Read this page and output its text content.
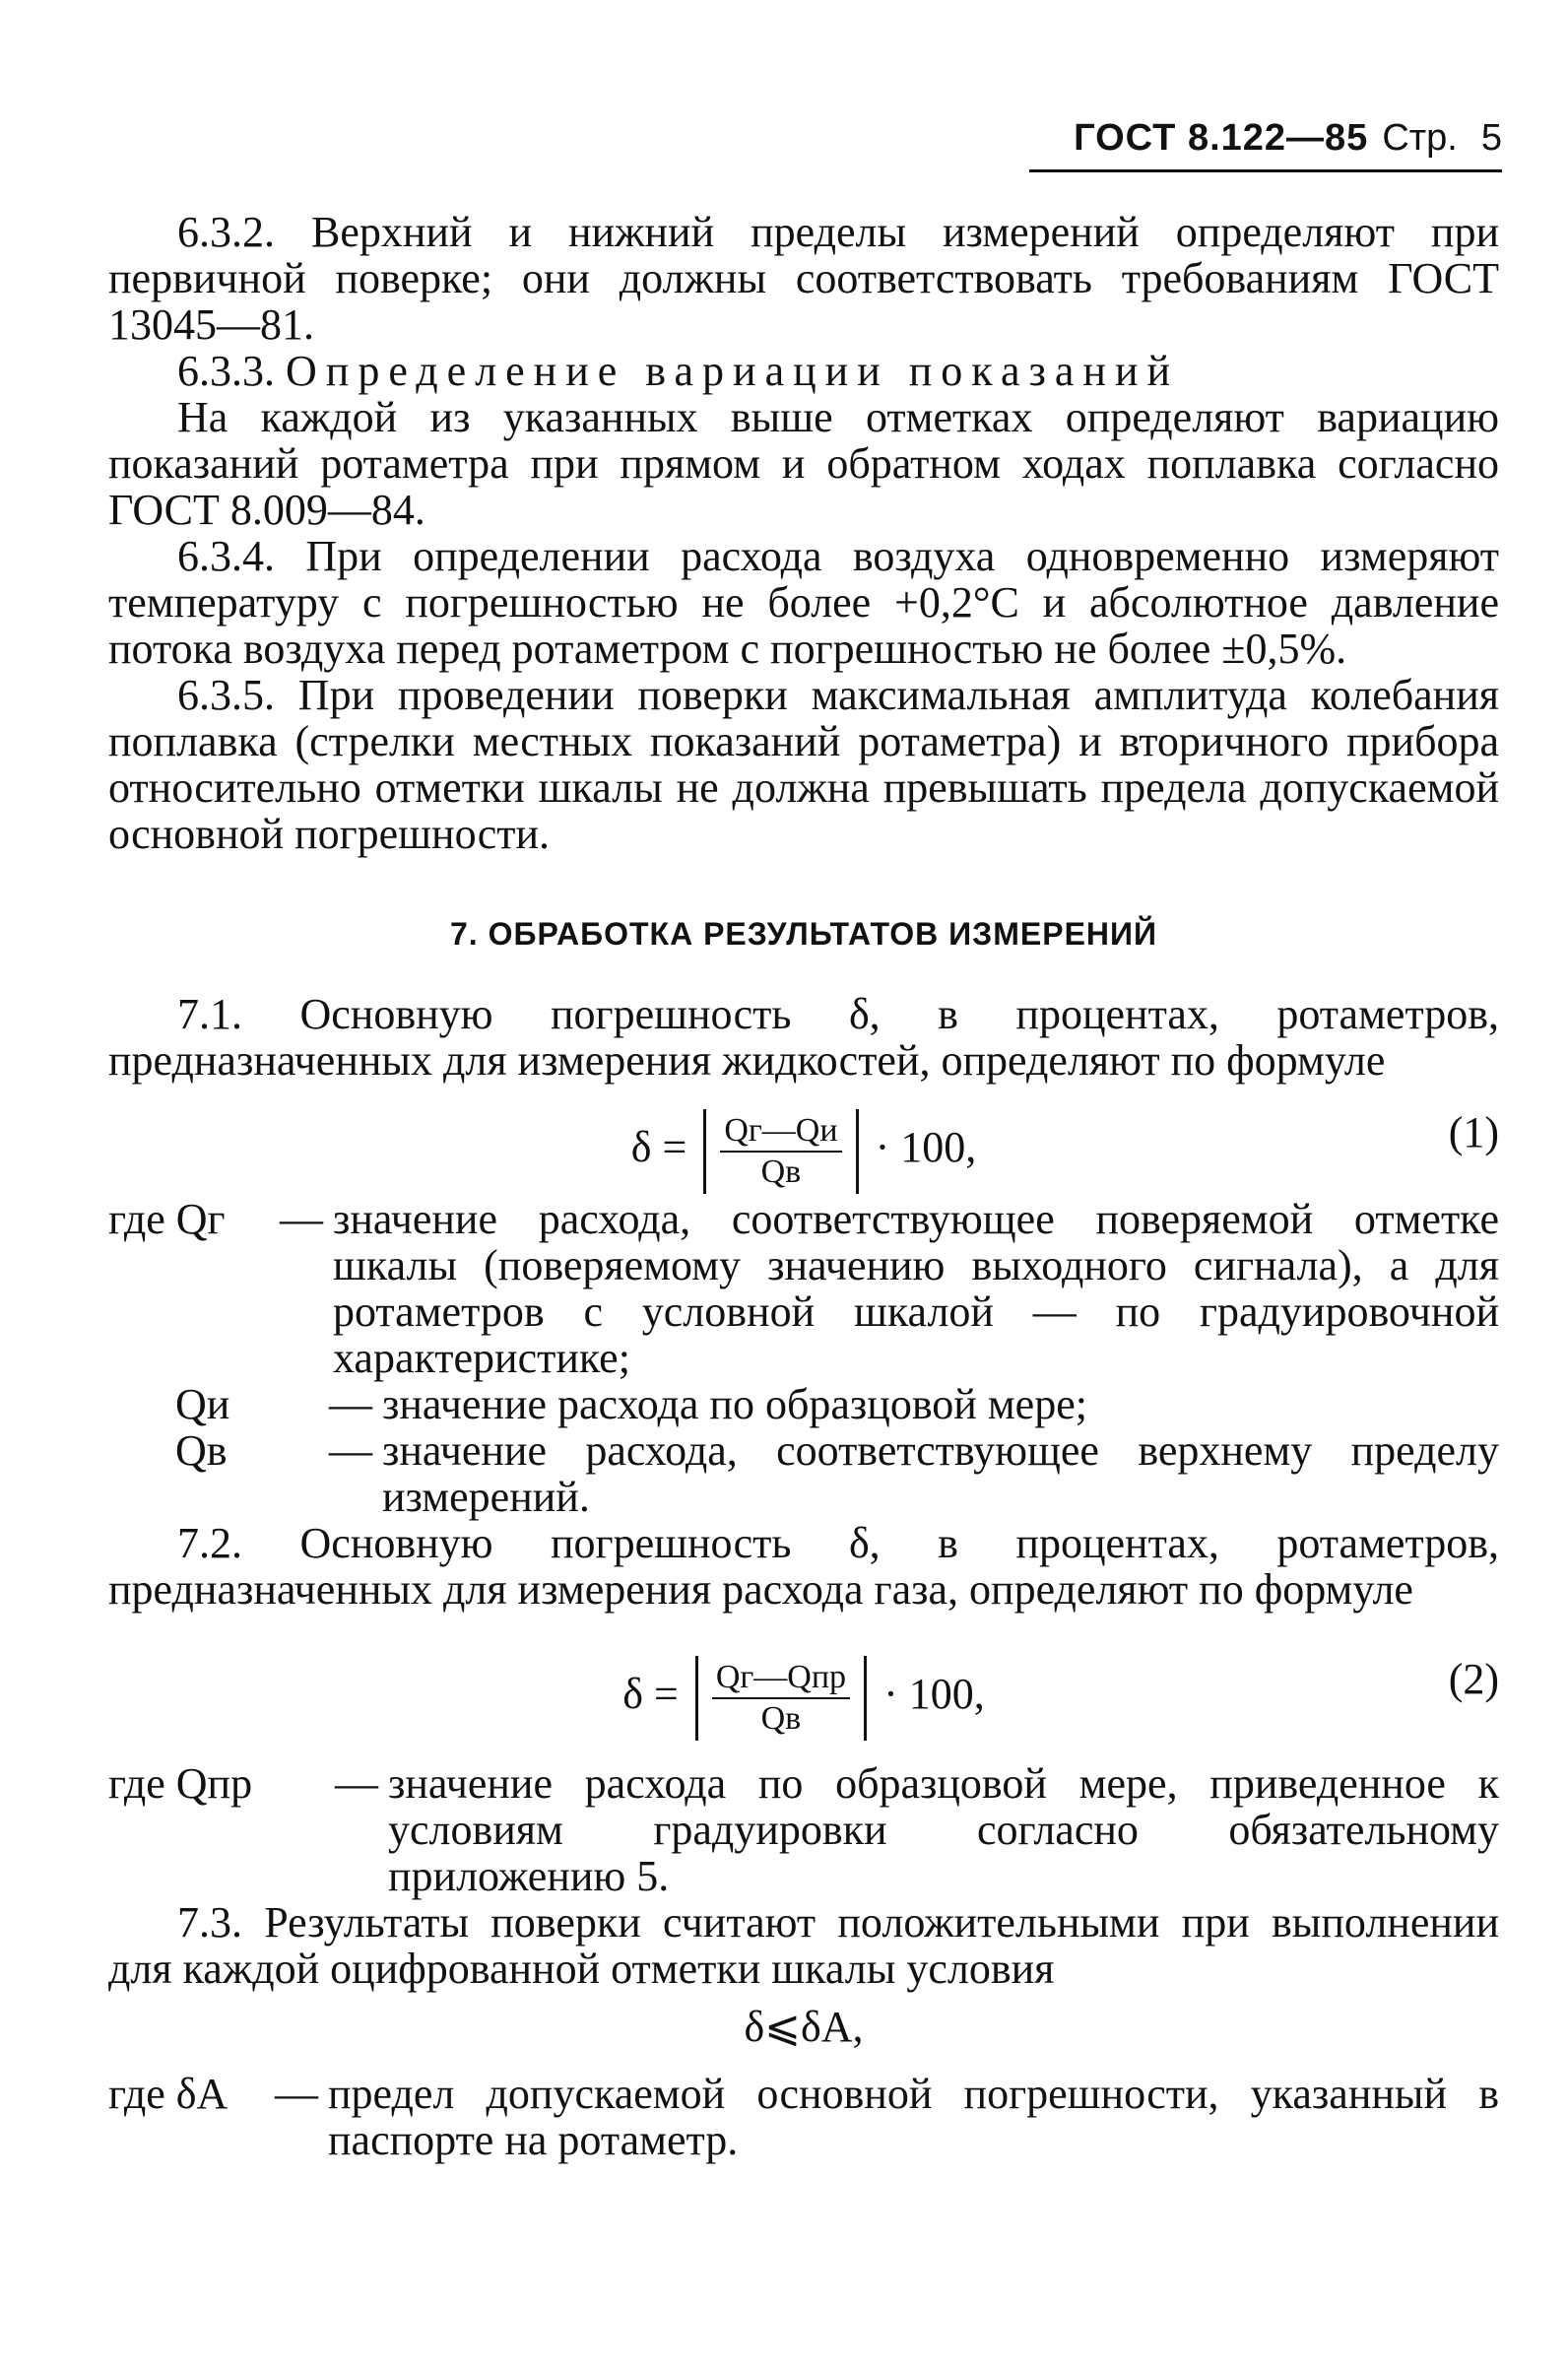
ГОСТ 8.122—85 Стр. 5

6.3.2. Верхний и нижний пределы измерений определяют при первичной поверке; они должны соответствовать требованиям ГОСТ 13045—81.

6.3.3. Определение вариации показаний

На каждой из указанных выше отметках определяют вариацию показаний ротаметра при прямом и обратном ходах поплавка согласно ГОСТ 8.009—84.

6.3.4. При определении расхода воздуха одновременно измеряют температуру с погрешностью не более +0,2°С и абсолютное давление потока воздуха перед ротаметром с погрешностью не более ±0,5%.

6.3.5. При проведении поверки максимальная амплитуда колебания поплавка (стрелки местных показаний ротаметра) и вторичного прибора относительно отметки шкалы не должна превышать предела допускаемой основной погрешности.

7. ОБРАБОТКА РЕЗУЛЬТАТОВ ИЗМЕРЕНИЙ

7.1. Основную погрешность δ, в процентах, ротаметров, предназначенных для измерения жидкостей, определяют по формуле

$\delta = \frac{Qг—Qи}{Qв} \cdot 100$,	(1)
где Qг	— значение расхода, соответствующее поверяемой отметке шкалы (поверяемому значению выходного сигнала), а для ротаметров с условной шкалой — по градуировочной характеристике;
Qи	— значение расхода по образцовой мере;
Qв	— значение расхода, соответствующее верхнему пределу измерений.

7.2. Основную погрешность δ, в процентах, ротаметров, предназначенных для измерения расхода газа, определяют по формуле

$\delta = \frac{\text{Qг—Qпр}}{Qв} \cdot 100$,	(2)
где Qпр	— значение расхода по образцовой мере, приведенное к условиям градуировки согласно обязательному приложению 5.

7.3. Результаты поверки считают положительными при выполнении для каждой оцифрованной отметки шкалы условия

δ⩽δА,
где δА	— предел допускаемой основной погрешности, указанный в паспорте на ротаметр.
